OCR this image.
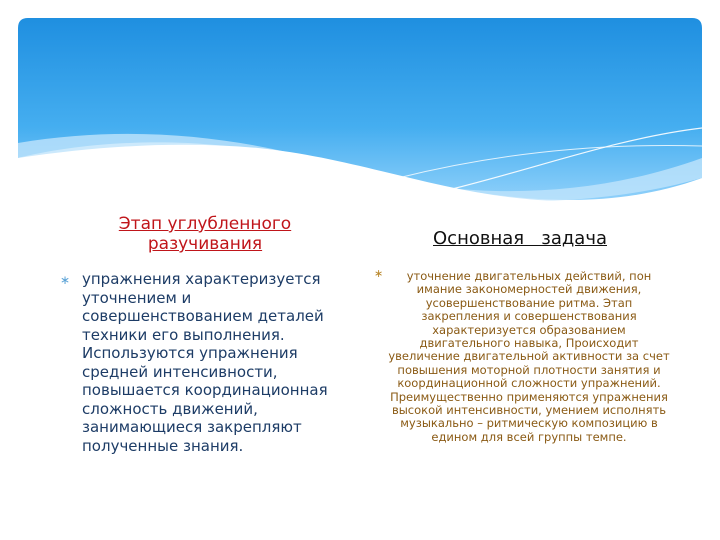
Этап углубленного разучивания
∗ упражнения характеризуется уточнением и совершенствованием деталей техники его выполнения. Используются упражнения средней интенсивности, повышается координационная сложность движений, занимающиеся закрепляют полученные знания.
Основная   задача
∗	уточнение двигательных действий, пон имание закономерностей движения, усовершенствование ритма. Этап закрепления и совершенствования характеризуется образованием двигательного навыка, Происходит увеличение двигательной активности за счет повышения моторной плотности занятия и координационной сложности упражнений. Преимущественно применяются упражнения высокой интенсивности, умением исполнять музыкально – ритмическую композицию в едином для всей группы темпе.
